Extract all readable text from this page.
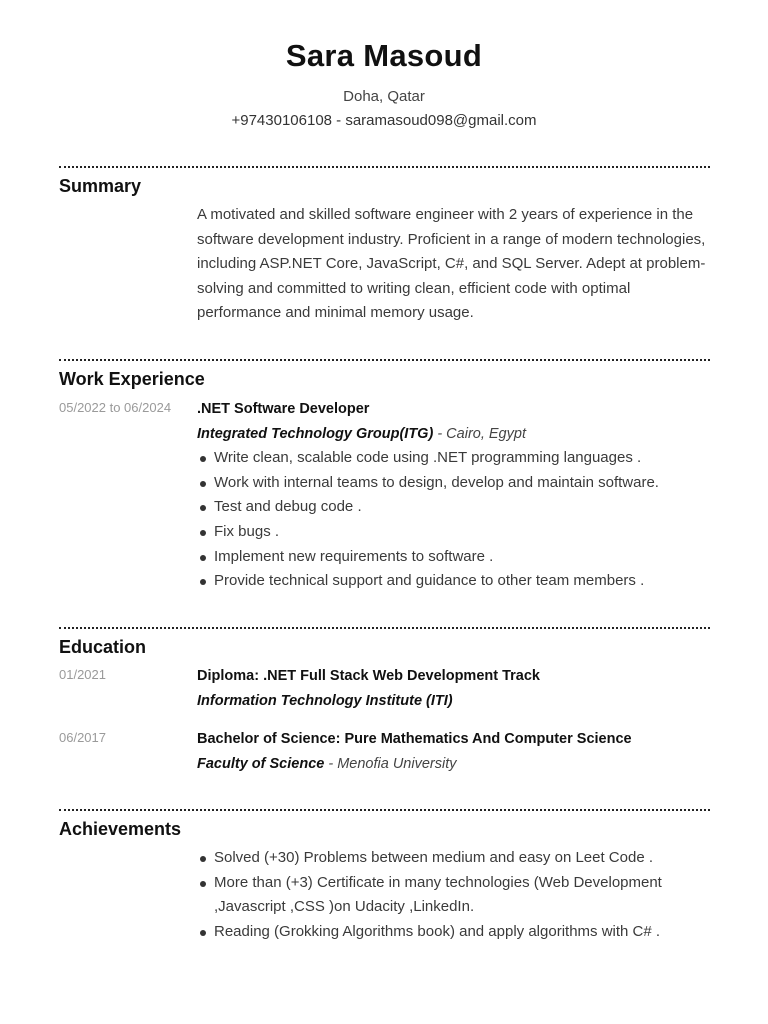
Sara Masoud
Doha, Qatar
+97430106108 - saramasoud098@gmail.com
Summary
A motivated and skilled software engineer with 2 years of experience in the software development industry. Proficient in a range of modern technologies, including ASP.NET Core, JavaScript, C#, and SQL Server. Adept at problem-solving and committed to writing clean, efficient code with optimal performance and minimal memory usage.
Work Experience
05/2022 to 06/2024	.NET Software Developer
Integrated Technology Group(ITG) - Cairo, Egypt
Write clean, scalable code using .NET programming languages .
Work with internal teams to design, develop and maintain software.
Test and debug code .
Fix bugs .
Implement new requirements to software .
Provide technical support and guidance to other team members .
Education
01/2021	Diploma: .NET Full Stack Web Development Track
Information Technology Institute (ITI)
06/2017	Bachelor of Science: Pure Mathematics And Computer Science
Faculty of Science - Menofia University
Achievements
Solved (+30) Problems between medium and easy on Leet Code .
More than (+3) Certificate in many technologies (Web Development ,Javascript ,CSS )on Udacity ,LinkedIn.
Reading (Grokking Algorithms book) and apply algorithms with C# .
